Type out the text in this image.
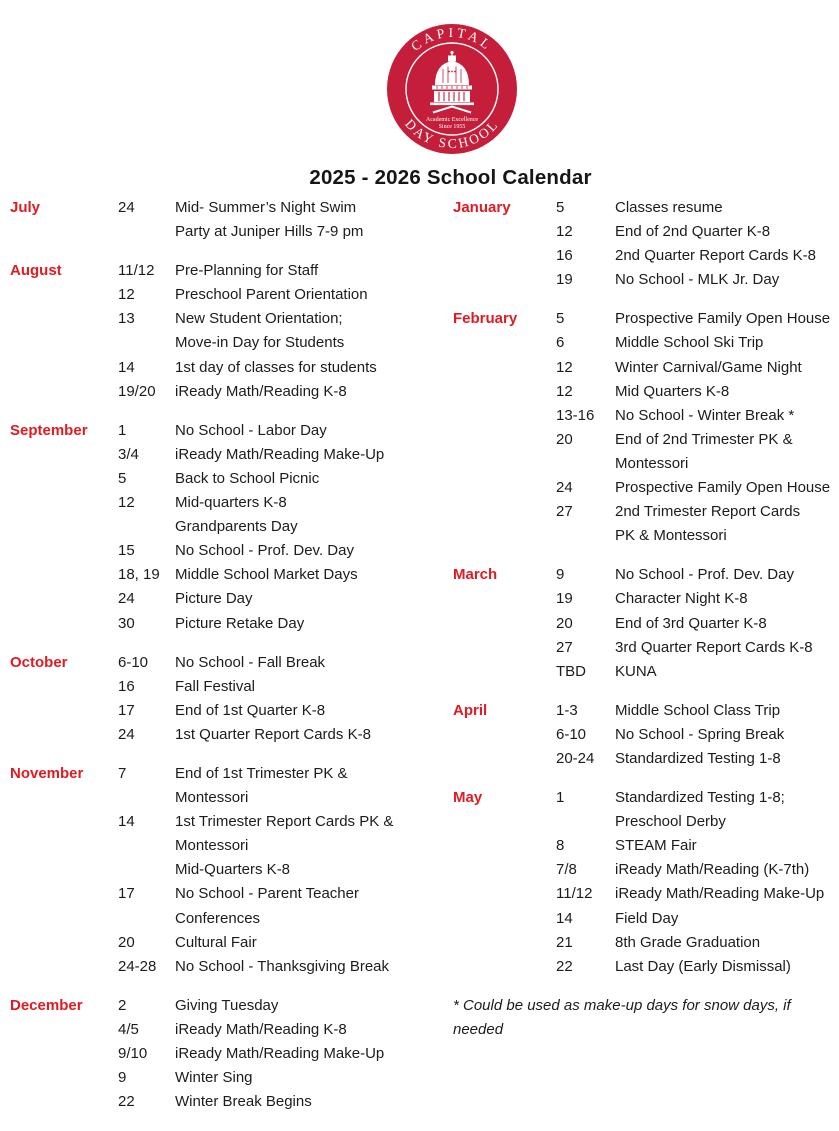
CAPITAL
DAY SCHOOL
Academic Excellence
Since 1955
2025 - 2026 School Calendar
July	24	Mid- Summer’s Night Swim
Party at Juniper Hills 7-9 pm
August	11/12	Pre-Planning for Staff
12	Preschool Parent Orientation
13	New Student Orientation;
Move-in Day for Students
14	1st day of classes for students
19/20	iReady Math/Reading K-8
September	1	No School - Labor Day
3/4	iReady Math/Reading Make-Up
5	Back to School Picnic
12	Mid-quarters K-8
Grandparents Day
15	No School - Prof. Dev. Day
18, 19	Middle School Market Days
24	Picture Day
30	Picture Retake Day
October	6-10	No School - Fall Break
16	Fall Festival
17	End of 1st Quarter K-8
24	1st Quarter Report Cards K-8
November	7	End of 1st Trimester PK &
Montessori
14	1st Trimester Report Cards PK &
Montessori
Mid-Quarters K-8
17	No School - Parent Teacher
Conferences
20	Cultural Fair
24-28	No School - Thanksgiving Break
December	2	Giving Tuesday
4/5	iReady Math/Reading K-8
9/10	iReady Math/Reading Make-Up
9	Winter Sing
22	Winter Break Begins
January	5	Classes resume
12	End of 2nd Quarter K-8
16	2nd Quarter Report Cards K-8
19	No School - MLK Jr. Day
February	5	Prospective Family Open House
6	Middle School Ski Trip
12	Winter Carnival/Game Night
12	Mid Quarters K-8
13-16	No School - Winter Break *
20	End of 2nd Trimester PK &
Montessori
24	Prospective Family Open House
27	2nd Trimester Report Cards
PK & Montessori
March	9	No School - Prof. Dev. Day
19	Character Night K-8
20	End of 3rd Quarter K-8
27	3rd Quarter Report Cards K-8
TBD	KUNA
April	1-3	Middle School Class Trip
6-10	No School - Spring Break
20-24	Standardized Testing 1-8
May	1	Standardized Testing 1-8;
Preschool Derby
8	STEAM Fair
7/8	iReady Math/Reading (K-7th)
11/12	iReady Math/Reading Make-Up
14	Field Day
21	8th Grade Graduation
22	Last Day (Early Dismissal)
* Could be used as make-up days for snow days, if needed
